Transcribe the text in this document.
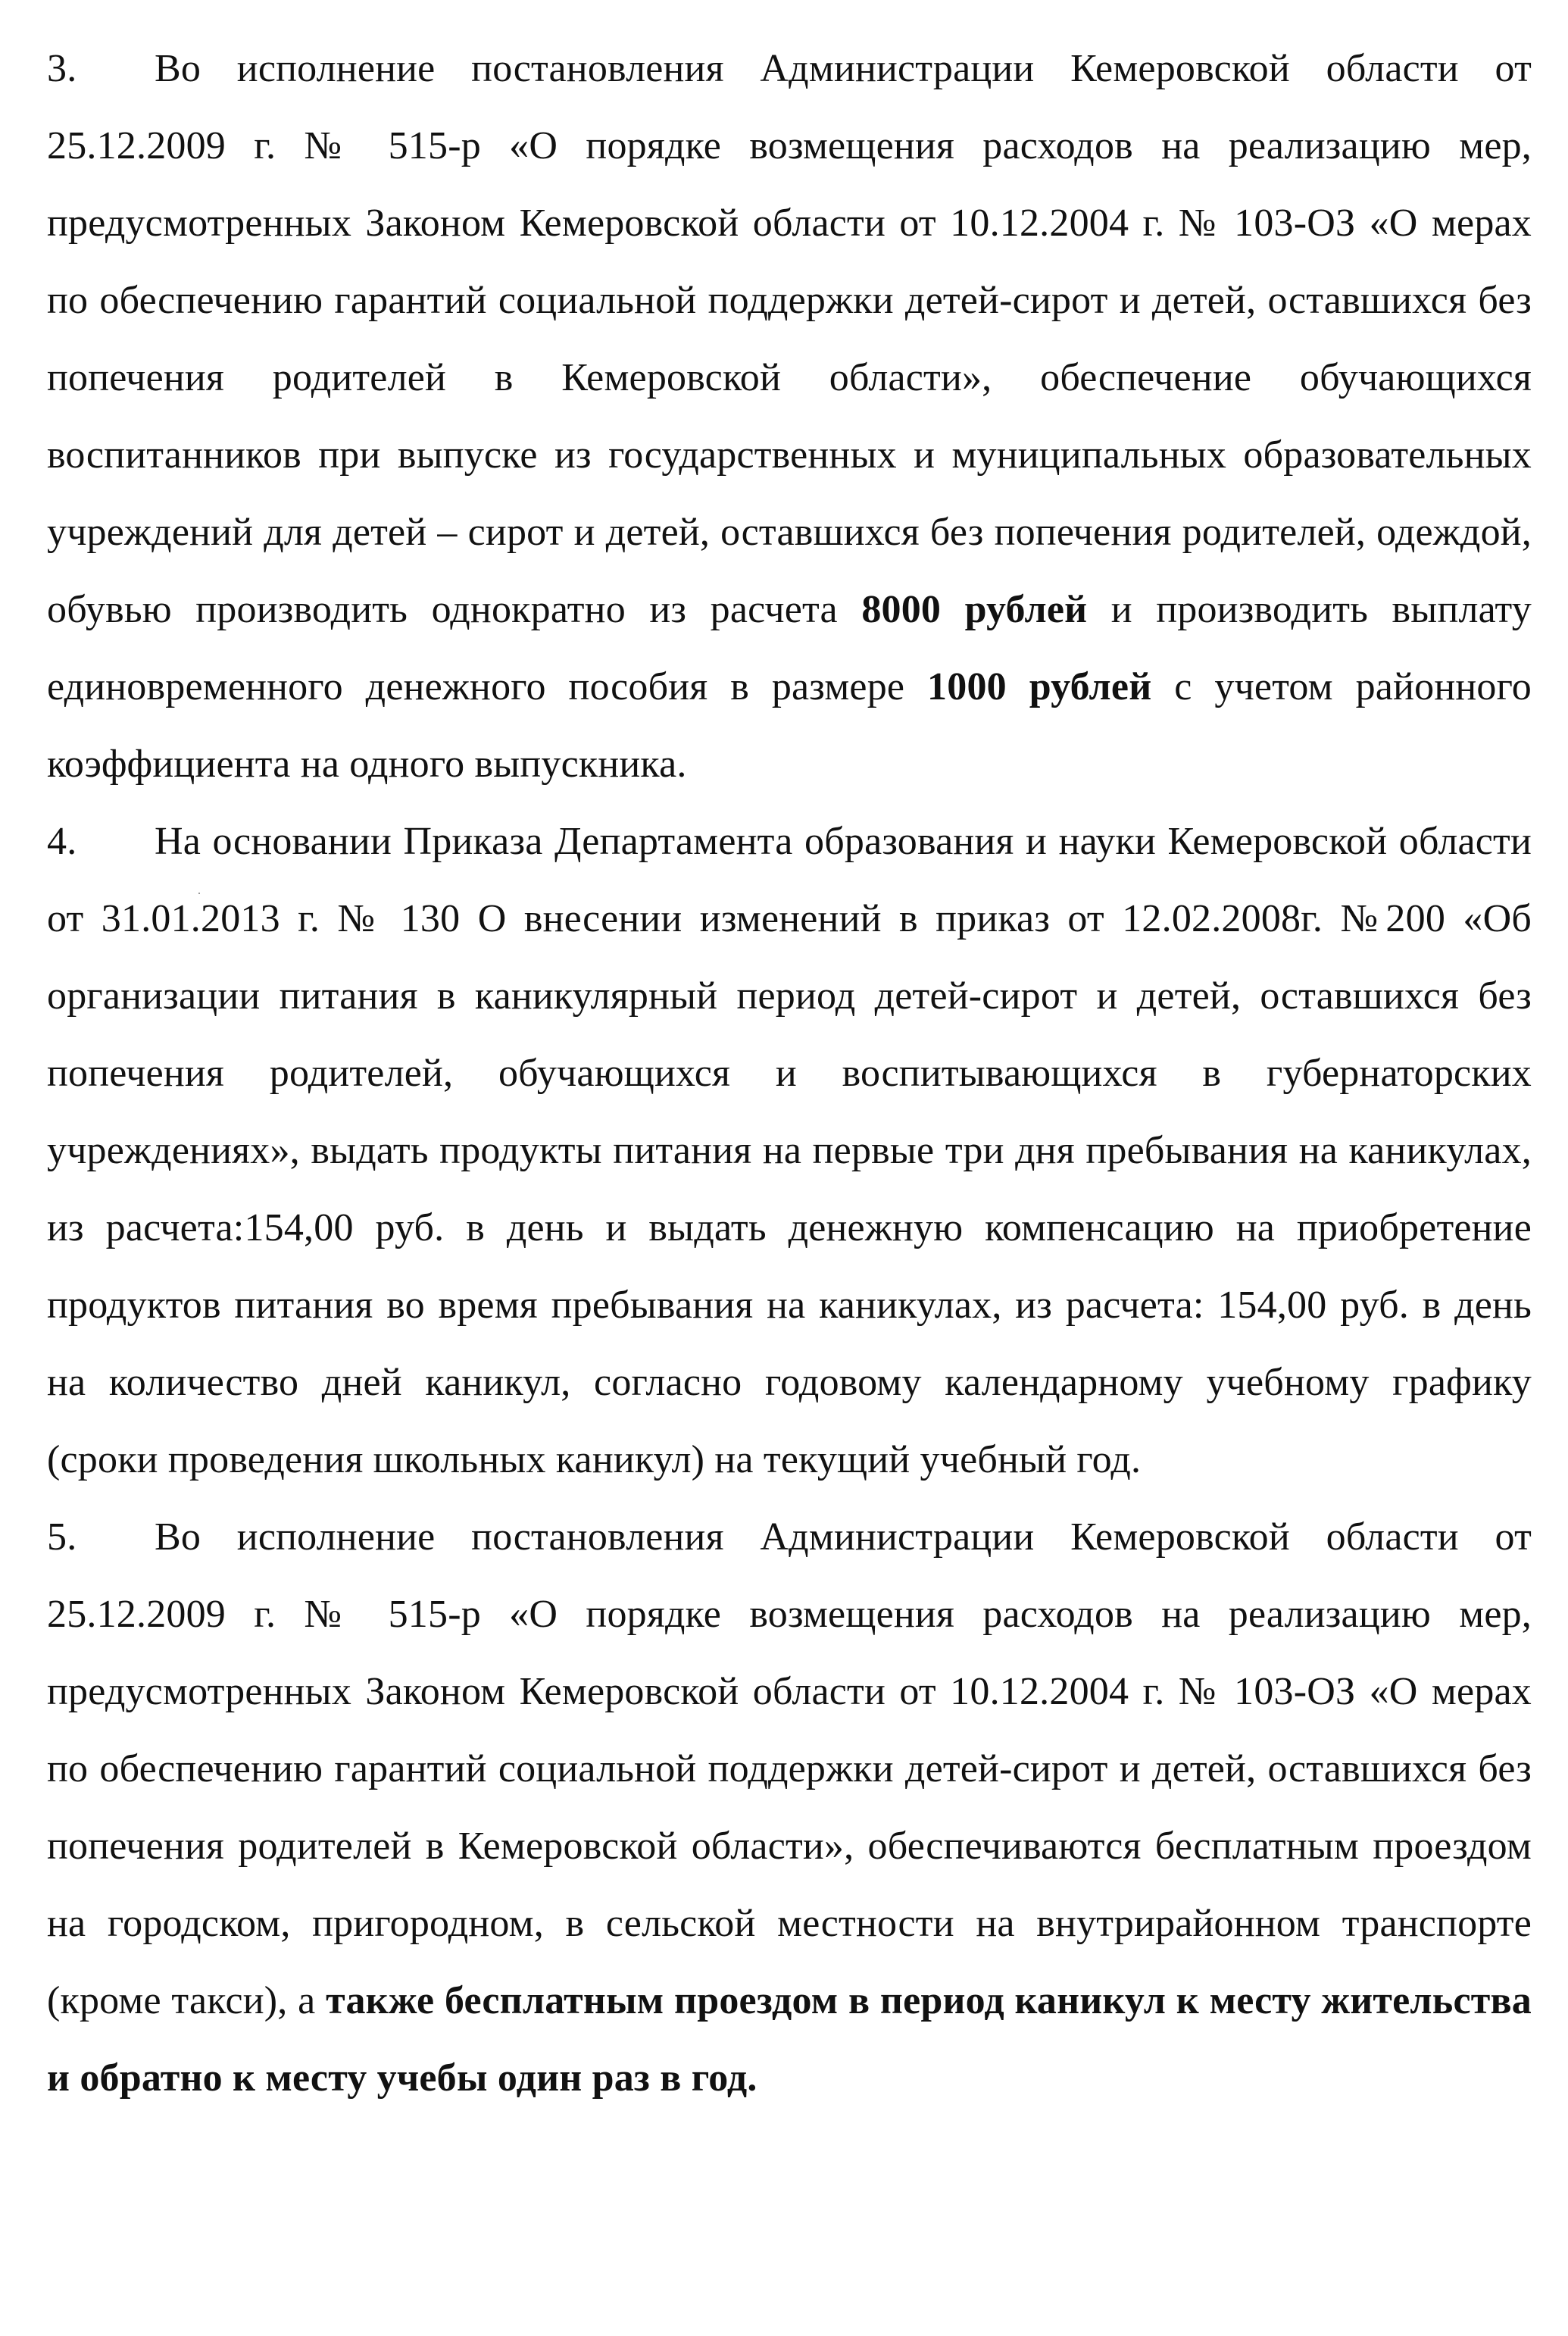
3. Во исполнение постановления Администрации Кемеровской области от 25.12.2009 г. № 515-р «О порядке возмещения расходов на реализацию мер, предусмотренных Законом Кемеровской области от 10.12.2004 г. № 103-ОЗ «О мерах по обеспечению гарантий социальной поддержки детей-сирот и детей, оставшихся без попечения родителей в Кемеровской области», обеспечение обучающихся воспитанников при выпуске из государственных и муниципальных образовательных учреждений для детей – сирот и детей, оставшихся без попечения родителей, одеждой, обувью производить однократно из расчета 8000 рублей и производить выплату единовременного денежного пособия в размере 1000 рублей с учетом районного коэффициента на одного выпускника.

4. На основании Приказа Департамента образования и науки Кемеровской области от 31.01.2013 г. № 130 О внесении изменений в приказ от 12.02.2008г. №200 «Об организации питания в каникулярный период детей-сирот и детей, оставшихся без попечения родителей, обучающихся и воспитывающихся в губернаторских учреждениях», выдать продукты питания на первые три дня пребывания на каникулах, из расчета:154,00 руб. в день и выдать денежную компенсацию на приобретение продуктов питания во время пребывания на каникулах, из расчета: 154,00 руб. в день на количество дней каникул, согласно годовому календарному учебному графику (сроки проведения школьных каникул) на текущий учебный год.

5. Во исполнение постановления Администрации Кемеровской области от 25.12.2009 г. № 515-р «О порядке возмещения расходов на реализацию мер, предусмотренных Законом Кемеровской области от 10.12.2004 г. № 103-ОЗ «О мерах по обеспечению гарантий социальной поддержки детей-сирот и детей, оставшихся без попечения родителей в Кемеровской области», обеспечиваются бесплатным проездом на городском, пригородном, в сельской местности на внутрирайонном транспорте (кроме такси), а также бесплатным проездом в период каникул к месту жительства и обратно к месту учебы один раз в год.
